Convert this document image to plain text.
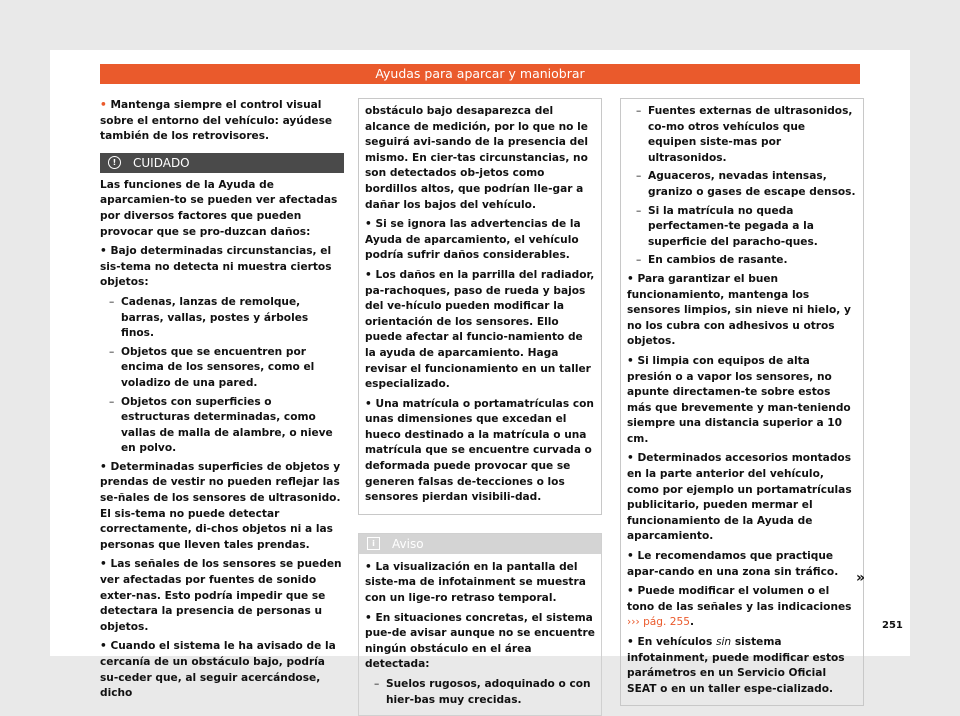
Ayudas para aparcar y maniobrar

• Mantenga siempre el control visual sobre el entorno del vehículo: ayúdese también de los retrovisores.

!	CUIDADO

Las funciones de la Ayuda de aparcamien-to se pueden ver afectadas por diversos factores que pueden provocar que se pro-duzcan daños:

• Bajo determinadas circunstancias, el sis-tema no detecta ni muestra ciertos objetos:

– Cadenas, lanzas de remolque, barras, vallas, postes y árboles finos.

– Objetos que se encuentren por encima de los sensores, como el voladizo de una pared.

– Objetos con superficies o estructuras determinadas, como vallas de malla de alambre, o nieve en polvo.

• Determinadas superficies de objetos y prendas de vestir no pueden reflejar las se-ñales de los sensores de ultrasonido. El sis-tema no puede detectar correctamente, di-chos objetos ni a las personas que lleven tales prendas.

• Las señales de los sensores se pueden ver afectadas por fuentes de sonido exter-nas. Esto podría impedir que se detectara la presencia de personas u objetos.

• Cuando el sistema le ha avisado de la cercanía de un obstáculo bajo, podría su-ceder que, al seguir acercándose, dicho

obstáculo bajo desaparezca del alcance de medición, por lo que no le seguirá avi-sando de la presencia del mismo. En cier-tas circunstancias, no son detectados ob-jetos como bordillos altos, que podrían lle-gar a dañar los bajos del vehículo.

• Si se ignora las advertencias de la Ayuda de aparcamiento, el vehículo podría sufrir daños considerables.

• Los daños en la parrilla del radiador, pa-rachoques, paso de rueda y bajos del ve-hículo pueden modificar la orientación de los sensores. Ello puede afectar al funcio-namiento de la ayuda de aparcamiento. Haga revisar el funcionamiento en un taller especializado.

• Una matrícula o portamatrículas con unas dimensiones que excedan el hueco destinado a la matrícula o una matrícula que se encuentre curvada o deformada puede provocar que se generen falsas de-tecciones o los sensores pierdan visibili-dad.

i	Aviso

• La visualización en la pantalla del siste-ma de infotainment se muestra con un lige-ro retraso temporal.

• En situaciones concretas, el sistema pue-de avisar aunque no se encuentre ningún obstáculo en el área detectada:

– Suelos rugosos, adoquinado o con hier-bas muy crecidas.

– Fuentes externas de ultrasonidos, co-mo otros vehículos que equipen siste-mas por ultrasonidos.

– Aguaceros, nevadas intensas, granizo o gases de escape densos.

– Si la matrícula no queda perfectamen-te pegada a la superficie del paracho-ques.

– En cambios de rasante.

• Para garantizar el buen funcionamiento, mantenga los sensores limpios, sin nieve ni hielo, y no los cubra con adhesivos u otros objetos.

• Si limpia con equipos de alta presión o a vapor los sensores, no apunte directamen-te sobre estos más que brevemente y man-teniendo siempre una distancia superior a 10 cm.

• Determinados accesorios montados en la parte anterior del vehículo, como por ejemplo un portamatrículas publicitario, pueden mermar el funcionamiento de la Ayuda de aparcamiento.

• Le recomendamos que practique apar-cando en una zona sin tráfico.

• Puede modificar el volumen o el tono de las señales y las indicaciones ››› pág. 255.

• En vehículos sin sistema infotainment, puede modificar estos parámetros en un Servicio Oficial SEAT o en un taller espe-cializado.

»
251
